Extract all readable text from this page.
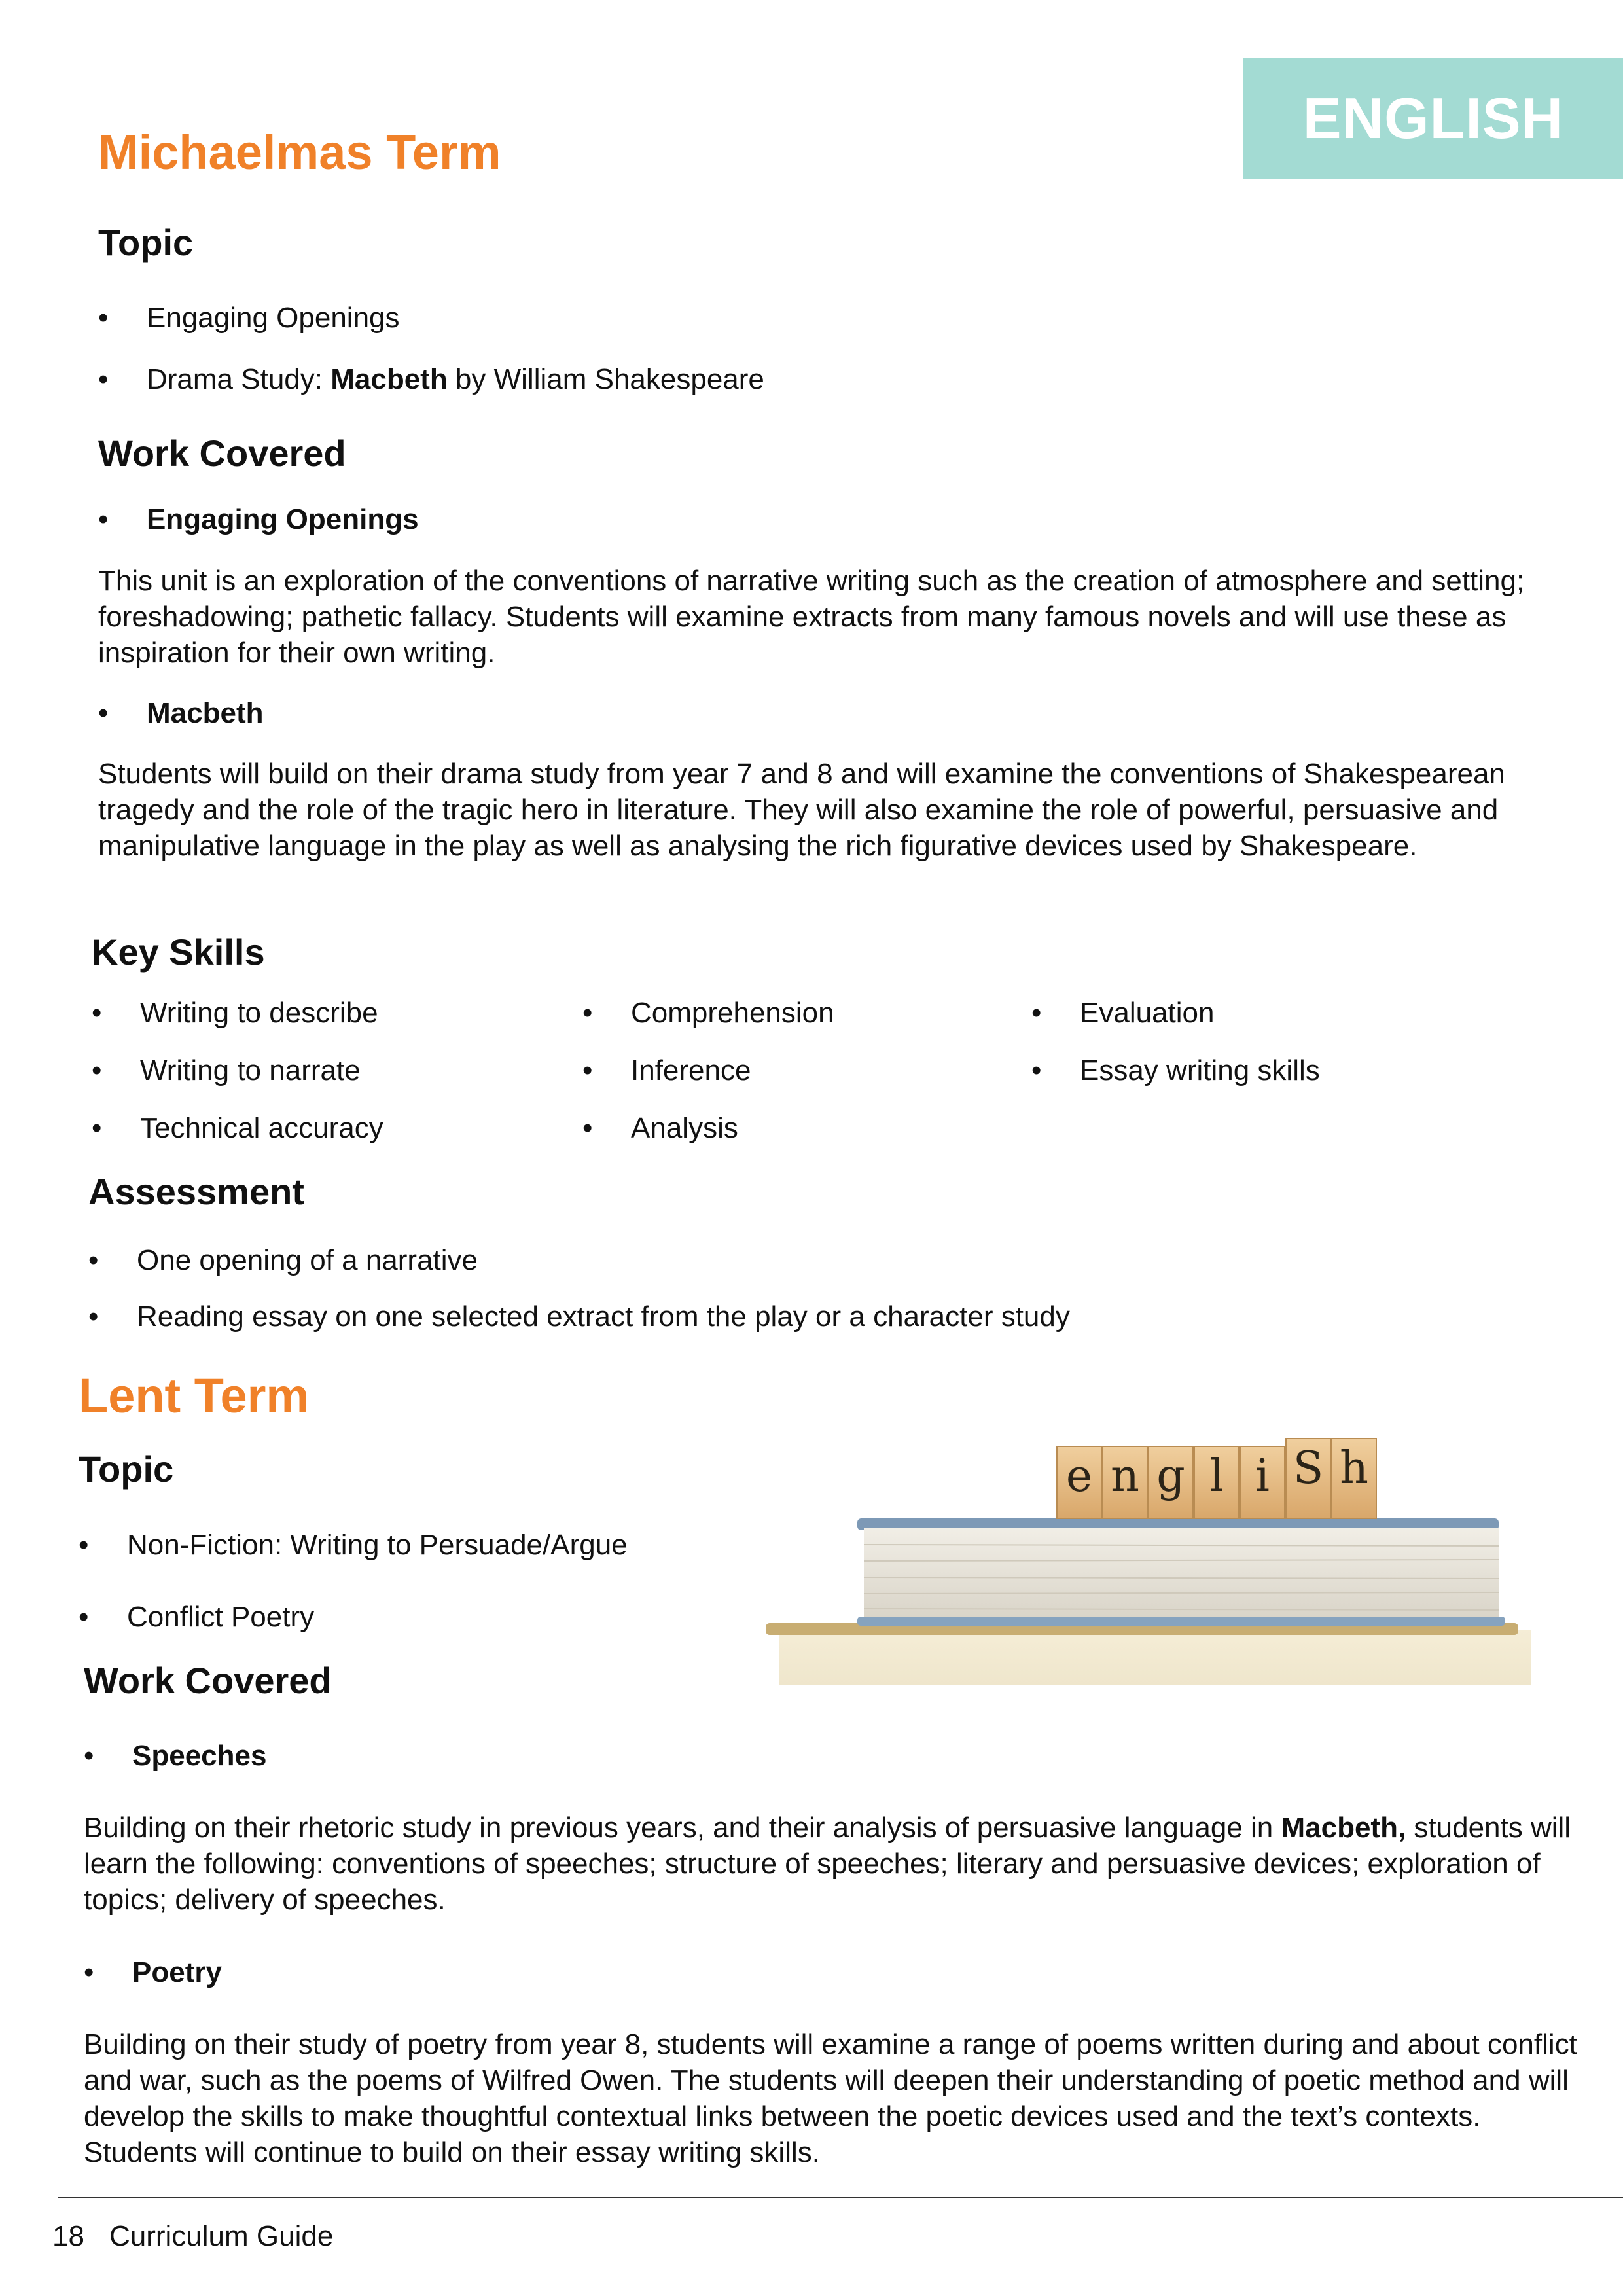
ENGLISH
Michaelmas Term
Topic
• Engaging Openings
• Drama Study: Macbeth by William Shakespeare
Work Covered
• Engaging Openings

This unit is an exploration of the conventions of narrative writing such as the creation of atmosphere and setting; foreshadowing; pathetic fallacy. Students will examine extracts from many famous novels and will use these as inspiration for their own writing.

• Macbeth

Students will build on their drama study from year 7 and 8 and will examine the conventions of Shakespearean tragedy and the role of the tragic hero in literature. They will also examine the role of powerful, persuasive and manipulative language in the play as well as analysing the rich figurative devices used by Shakespeare.

Key Skills
• Writing to describe
• Writing to narrate
• Technical accuracy
• Comprehension
• Inference
• Analysis
• Evaluation
• Essay writing skills
Assessment
• One opening of a narrative
• Reading essay on one selected extract from the play or a character study
Lent Term
Topic
• Non-Fiction: Writing to Persuade/Argue
• Conflict Poetry
e n g l i S h
Work Covered
• Speeches

Building on their rhetoric study in previous years, and their analysis of persuasive language in Macbeth, students will learn the following: conventions of speeches; structure of speeches; literary and persuasive devices; exploration of topics; delivery of speeches.

• Poetry

Building on their study of poetry from year 8, students will examine a range of poems written during and about conflict and war, such as the poems of Wilfred Owen. The students will deepen their understanding of poetic method and will develop the skills to make thoughtful contextual links between the poetic devices used and the text’s contexts. Students will continue to build on their essay writing skills.

18 Curriculum Guide
